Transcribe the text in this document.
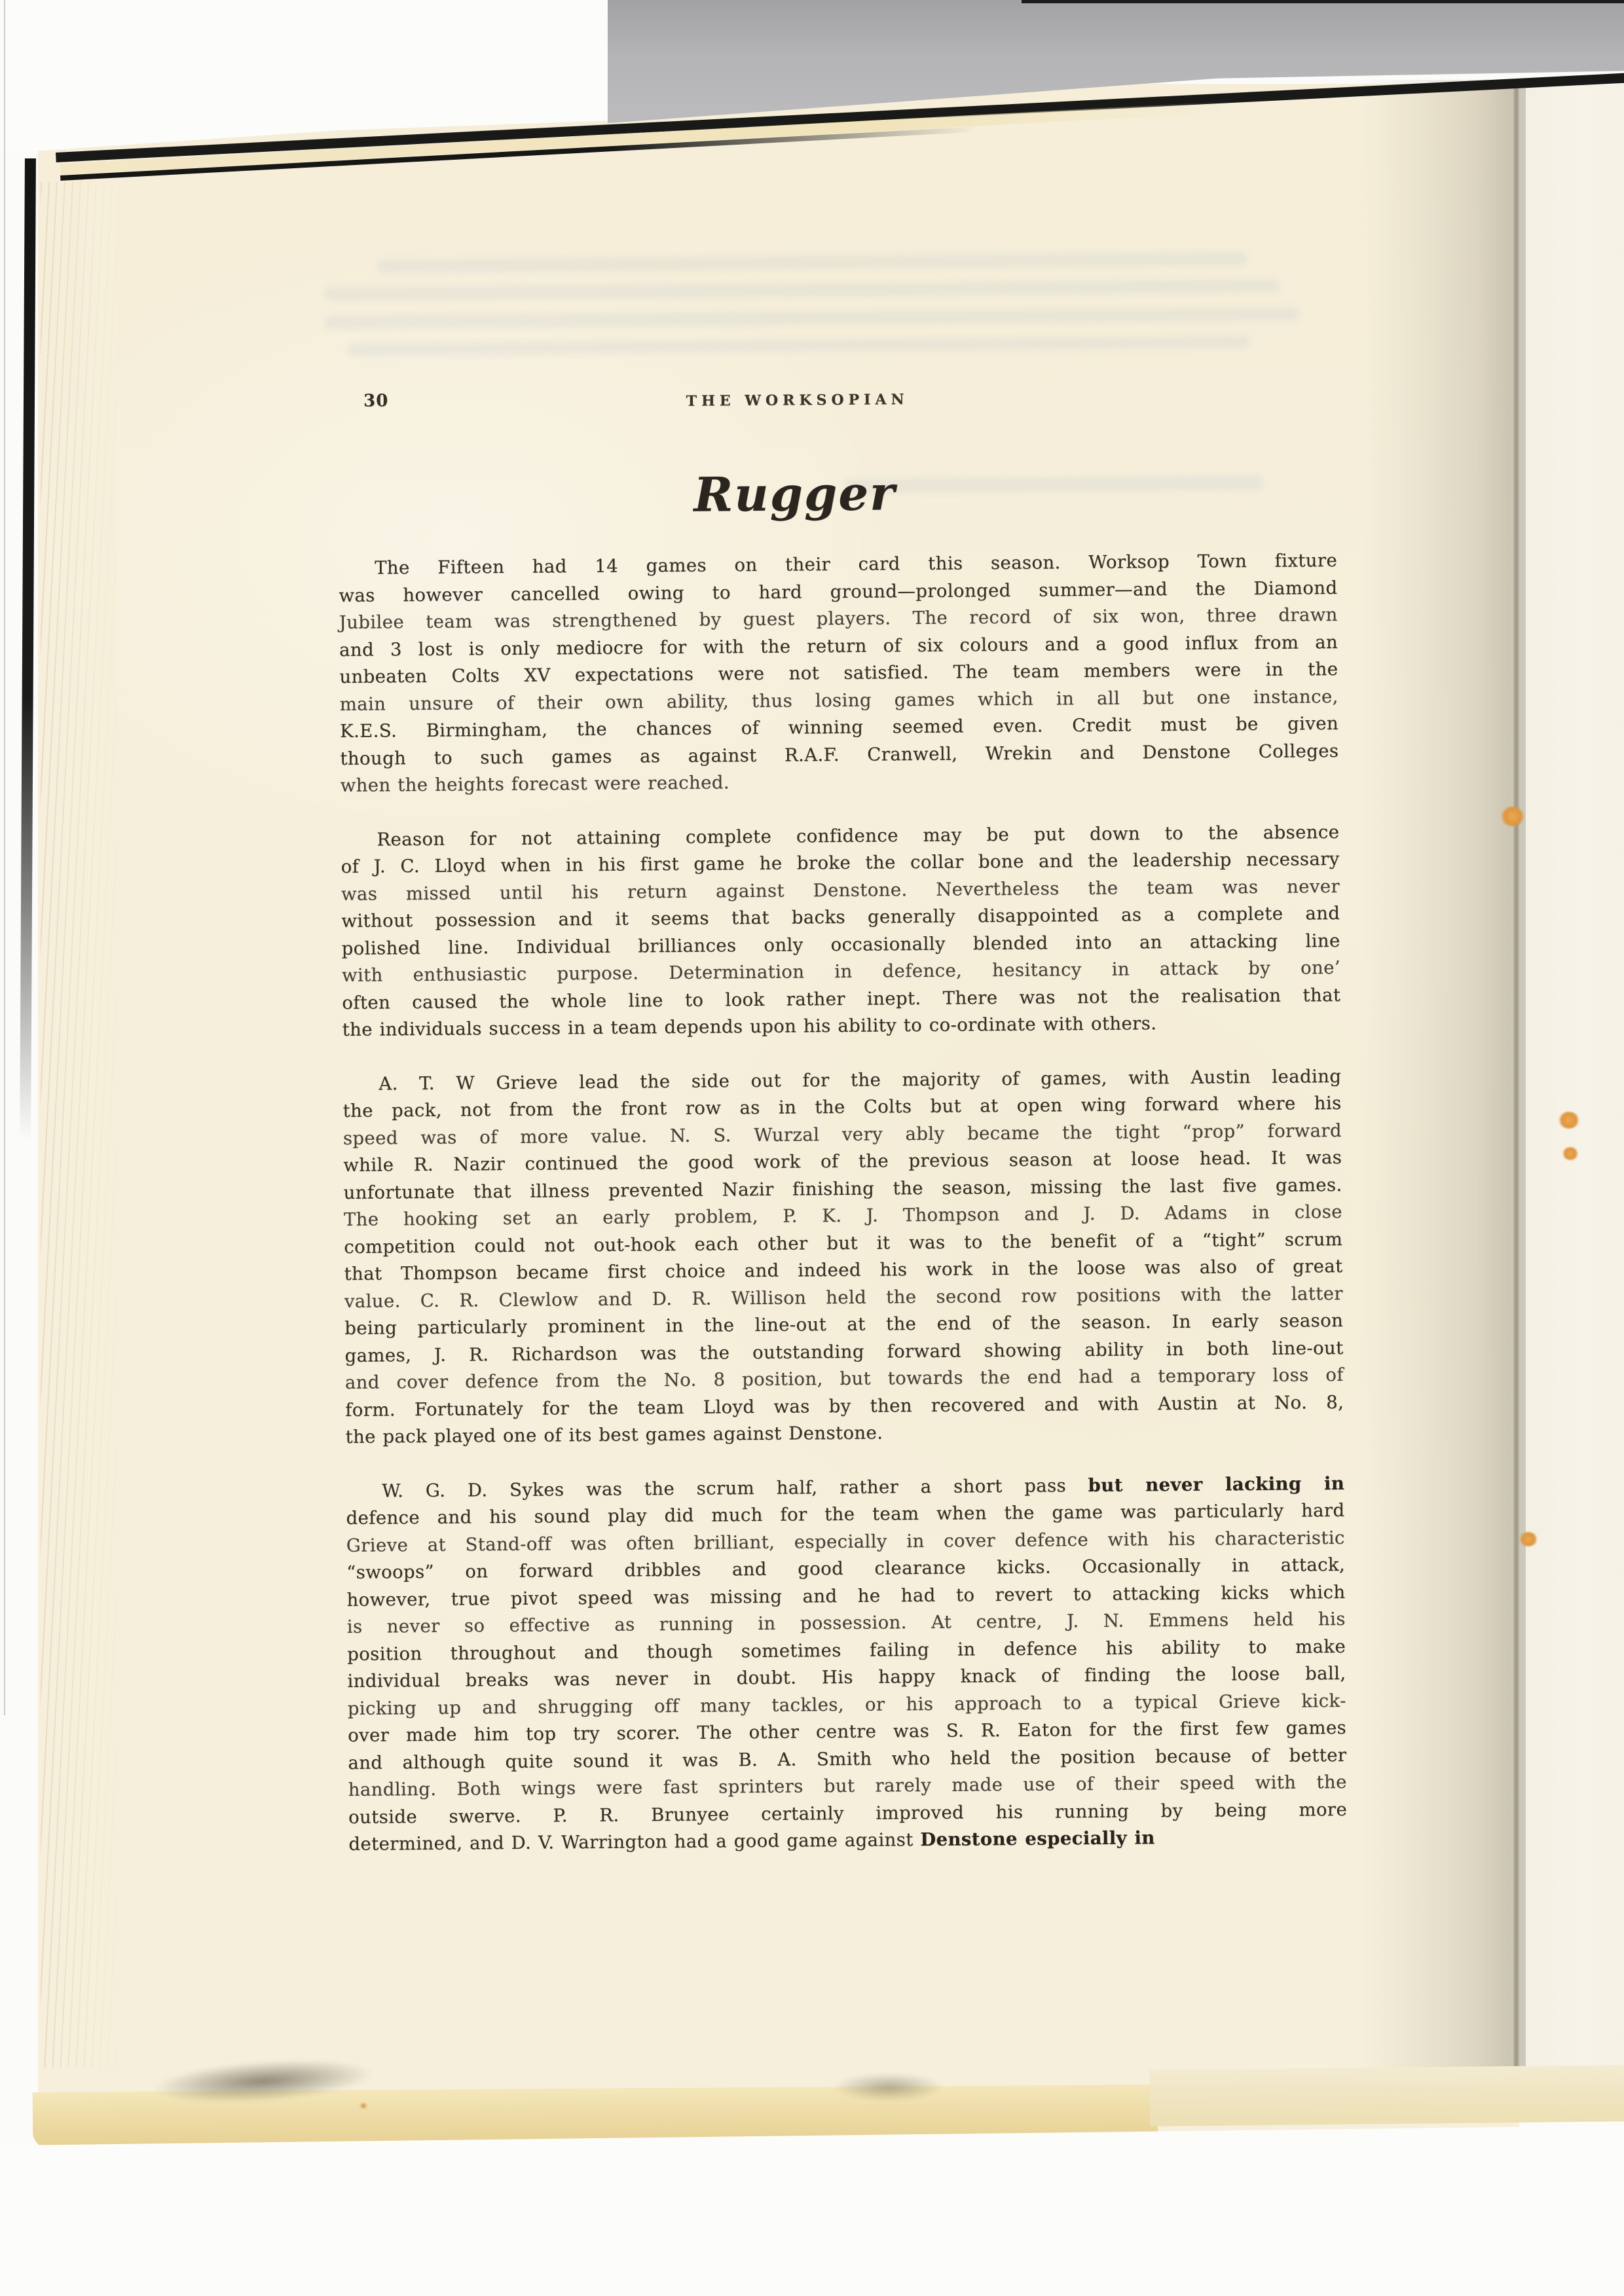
30	THE WORKSOPIAN
Rugger
The Fifteen had 14 games on their card this season. Worksop Town fixture
was however cancelled owing to hard ground—prolonged summer—and the Diamond
Jubilee team was strengthened by guest players. The record of six won, three drawn
and 3 lost is only mediocre for with the return of six colours and a good influx from an
unbeaten Colts XV expectations were not satisfied. The team members were in the
main unsure of their own ability, thus losing games which in all but one instance,
K.E.S. Birmingham, the chances of winning seemed even. Credit must be given
though to such games as against R.A.F. Cranwell, Wrekin and Denstone Colleges
when the heights forecast were reached.
Reason for not attaining complete confidence may be put down to the absence
of J. C. Lloyd when in his first game he broke the collar bone and the leadership necessary
was missed until his return against Denstone. Nevertheless the team was never
without possession and it seems that backs generally disappointed as a complete and
polished line. Individual brilliances only occasionally blended into an attacking line
with enthusiastic purpose. Determination in defence, hesitancy in attack by one’
often caused the whole line to look rather inept. There was not the realisation that
the individuals success in a team depends upon his ability to co-ordinate with others.
A. T. W Grieve lead the side out for the majority of games, with Austin leading
the pack, not from the front row as in the Colts but at open wing forward where his
speed was of more value. N. S. Wurzal very ably became the tight “prop” forward
while R. Nazir continued the good work of the previous season at loose head. It was
unfortunate that illness prevented Nazir finishing the season, missing the last five games.
The hooking set an early problem, P. K. J. Thompson and J. D. Adams in close
competition could not out-hook each other but it was to the benefit of a “tight” scrum
that Thompson became first choice and indeed his work in the loose was also of great
value. C. R. Clewlow and D. R. Willison held the second row positions with the latter
being particularly prominent in the line-out at the end of the season. In early season
games, J. R. Richardson was the outstanding forward showing ability in both line-out
and cover defence from the No. 8 position, but towards the end had a temporary loss of
form. Fortunately for the team Lloyd was by then recovered and with Austin at No. 8,
the pack played one of its best games against Denstone.
W. G. D. Sykes was the scrum half, rather a short pass but never lacking in
defence and his sound play did much for the team when the game was particularly hard
Grieve at Stand-off was often brilliant, especially in cover defence with his characteristic
“swoops” on forward dribbles and good clearance kicks. Occasionally in attack,
however, true pivot speed was missing and he had to revert to attacking kicks which
is never so effective as running in possession. At centre, J. N. Emmens held his
position throughout and though sometimes failing in defence his ability to make
individual breaks was never in doubt. His happy knack of finding the loose ball,
picking up and shrugging off many tackles, or his approach to a typical Grieve kick-
over made him top try scorer. The other centre was S. R. Eaton for the first few games
and although quite sound it was B. A. Smith who held the position because of better
handling. Both wings were fast sprinters but rarely made use of their speed with the
outside swerve. P. R. Brunyee certainly improved his running by being more
determined, and D. V. Warrington had a good game against Denstone especially in
